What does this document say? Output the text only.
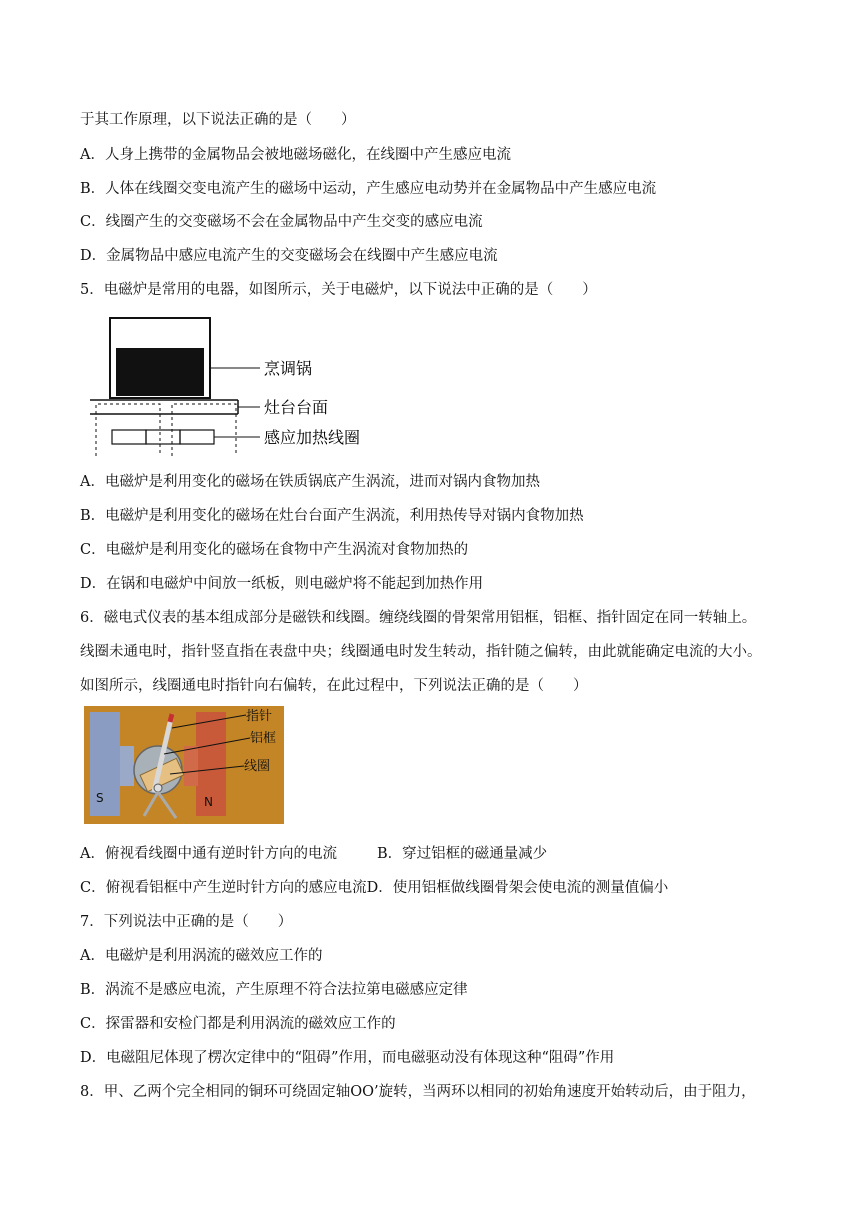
于其工作原理，以下说法正确的是（　　）
A．人身上携带的金属物品会被地磁场磁化，在线圈中产生感应电流
B．人体在线圈交变电流产生的磁场中运动，产生感应电动势并在金属物品中产生感应电流
C．线圈产生的交变磁场不会在金属物品中产生交变的感应电流
D．金属物品中感应电流产生的交变磁场会在线圈中产生感应电流
5．电磁炉是常用的电器，如图所示，关于电磁炉，以下说法中正确的是（　　）
烹调锅
灶台台面
感应加热线圈
A．电磁炉是利用变化的磁场在铁质锅底产生涡流，进而对锅内食物加热
B．电磁炉是利用变化的磁场在灶台台面产生涡流，利用热传导对锅内食物加热
C．电磁炉是利用变化的磁场在食物中产生涡流对食物加热的
D．在锅和电磁炉中间放一纸板，则电磁炉将不能起到加热作用
6．磁电式仪表的基本组成部分是磁铁和线圈。缠绕线圈的骨架常用铝框，铝框、指针固定在同一转轴上。
线圈未通电时，指针竖直指在表盘中央；线圈通电时发生转动，指针随之偏转，由此就能确定电流的大小。
如图所示，线圈通电时指针向右偏转，在此过程中，下列说法正确的是（　　）
指针
铝框
线圈
S	N
A．俯视看线圈中通有逆时针方向的电流	B．穿过铝框的磁通量减少
C．俯视看铝框中产生逆时针方向的感应电流D．使用铝框做线圈骨架会使电流的测量值偏小
7．下列说法中正确的是（　　）
A．电磁炉是利用涡流的磁效应工作的
B．涡流不是感应电流，产生原理不符合法拉第电磁感应定律
C．探雷器和安检门都是利用涡流的磁效应工作的
D．电磁阻尼体现了楞次定律中的“阻碍”作用，而电磁驱动没有体现这种“阻碍”作用
8．甲、乙两个完全相同的铜环可绕固定轴OO’旋转，当两环以相同的初始角速度开始转动后，由于阻力，
